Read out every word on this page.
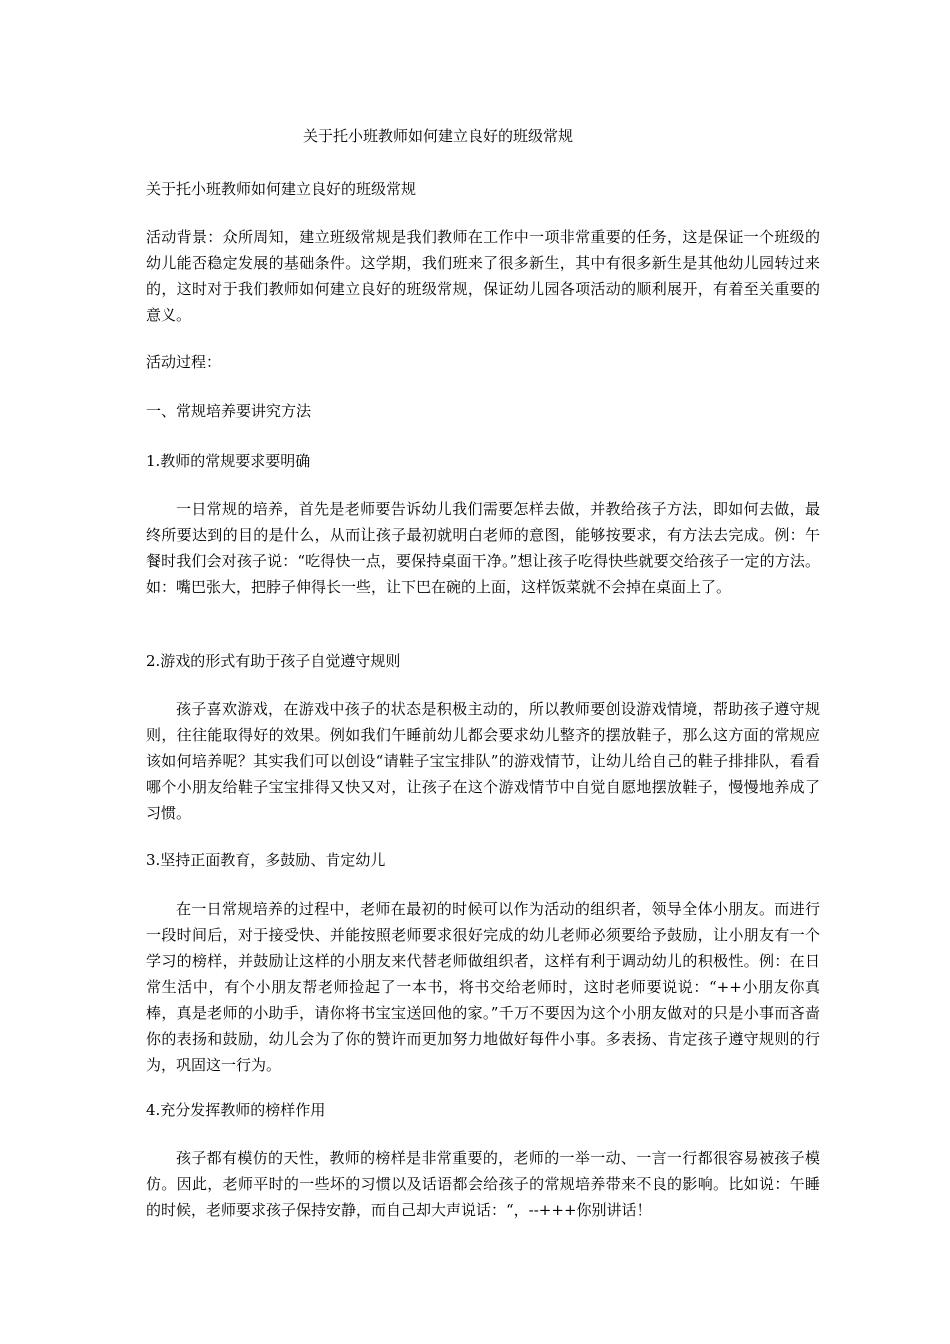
关于托小班教师如何建立良好的班级常规
关于托小班教师如何建立良好的班级常规
活动背景：众所周知，建立班级常规是我们教师在工作中一项非常重要的任务，这是保证一个班级的幼儿能否稳定发展的基础条件。这学期，我们班来了很多新生，其中有很多新生是其他幼儿园转过来的，这时对于我们教师如何建立良好的班级常规，保证幼儿园各项活动的顺利展开，有着至关重要的意义。
活动过程：
一、常规培养要讲究方法
1.教师的常规要求要明确
一日常规的培养，首先是老师要告诉幼儿我们需要怎样去做，并教给孩子方法，即如何去做，最终所要达到的目的是什么，从而让孩子最初就明白老师的意图，能够按要求，有方法去完成。例：午餐时我们会对孩子说：“吃得快一点，要保持桌面干净。”想让孩子吃得快些就要交给孩子一定的方法。如：嘴巴张大，把脖子伸得长一些，让下巴在碗的上面，这样饭菜就不会掉在桌面上了。
2.游戏的形式有助于孩子自觉遵守规则
孩子喜欢游戏，在游戏中孩子的状态是积极主动的，所以教师要创设游戏情境，帮助孩子遵守规则，往往能取得好的效果。例如我们午睡前幼儿都会要求幼儿整齐的摆放鞋子，那么这方面的常规应该如何培养呢？其实我们可以创设“请鞋子宝宝排队”的游戏情节，让幼儿给自己的鞋子排排队，看看哪个小朋友给鞋子宝宝排得又快又对，让孩子在这个游戏情节中自觉自愿地摆放鞋子，慢慢地养成了习惯。
3.坚持正面教育，多鼓励、肯定幼儿
在一日常规培养的过程中，老师在最初的时候可以作为活动的组织者，领导全体小朋友。而进行一段时间后，对于接受快、并能按照老师要求很好完成的幼儿老师必须要给予鼓励，让小朋友有一个学习的榜样，并鼓励让这样的小朋友来代替老师做组织者，这样有利于调动幼儿的积极性。例：在日常生活中，有个小朋友帮老师捡起了一本书，将书交给老师时，这时老师要说说：“++小朋友你真棒，真是老师的小助手，请你将书宝宝送回他的家。”千万不要因为这个小朋友做对的只是小事而吝啬你的表扬和鼓励，幼儿会为了你的赞许而更加努力地做好每件小事。多表扬、肯定孩子遵守规则的行为，巩固这一行为。
4.充分发挥教师的榜样作用
孩子都有模仿的天性，教师的榜样是非常重要的，老师的一举一动、一言一行都很容易被孩子模仿。因此，老师平时的一些坏的习惯以及话语都会给孩子的常规培养带来不良的影响。比如说：午睡的时候，老师要求孩子保持安静，而自己却大声说话：“，--+++你别讲话！
